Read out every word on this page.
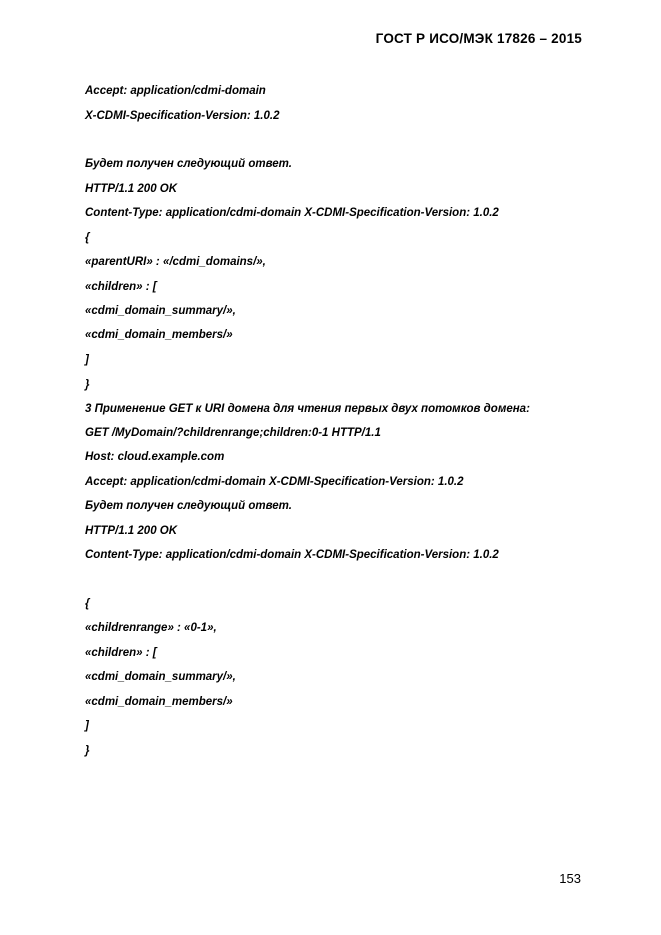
ГОСТ Р ИСО/МЭК 17826 – 2015
Accept: application/cdmi-domain
X-CDMI-Specification-Version: 1.0.2
Будет получен следующий ответ.
HTTP/1.1 200 OK
Content-Type: application/cdmi-domain X-CDMI-Specification-Version: 1.0.2
{
«parentURI» : «/cdmi_domains/»,
«children» : [
«cdmi_domain_summary/»,
«cdmi_domain_members/»
]
}
3 Применение GET к URI домена для чтения первых двух потомков домена:
GET /MyDomain/?childrenrange;children:0-1 HTTP/1.1
Host: cloud.example.com
Accept: application/cdmi-domain X-CDMI-Specification-Version: 1.0.2
Будет получен следующий ответ.
HTTP/1.1 200 OK
Content-Type: application/cdmi-domain X-CDMI-Specification-Version: 1.0.2
{
«childrenrange» : «0-1»,
«children» : [
«cdmi_domain_summary/»,
«cdmi_domain_members/»
]
}
153
